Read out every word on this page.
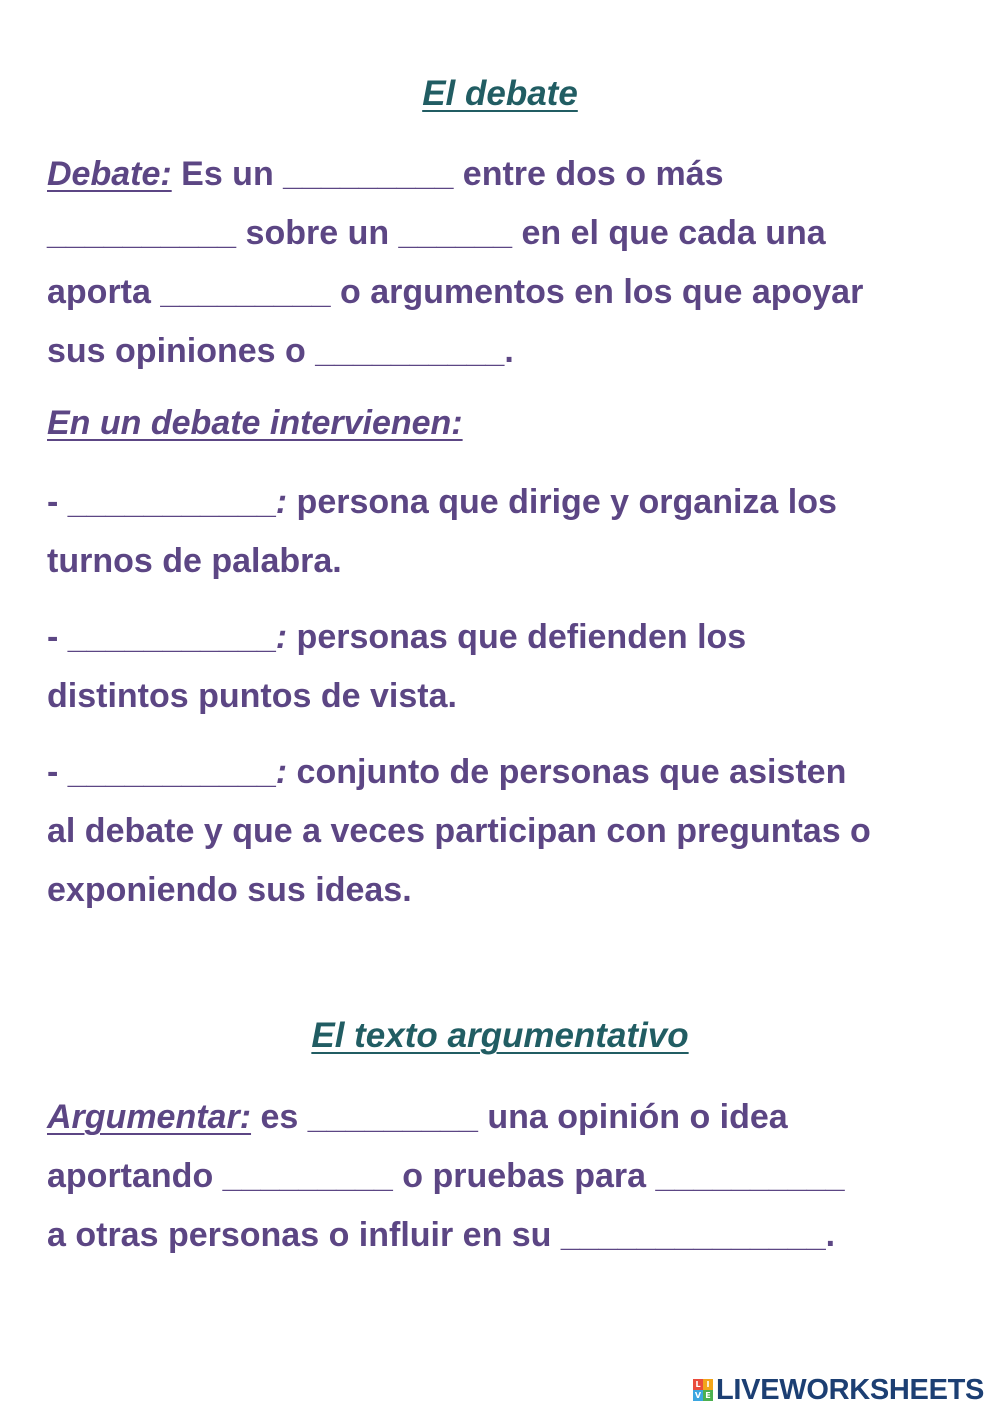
El debate
Debate: Es un _________ entre dos o más
__________ sobre un ______ en el que cada una
aporta _________ o argumentos en los que apoyar
sus opiniones o __________.
En un debate intervienen:
- ___________: persona que dirige y organiza los
turnos de palabra.
- ___________: personas que defienden los
distintos puntos de vista.
- ___________: conjunto de personas que asisten
al debate y que a veces participan con preguntas o
exponiendo sus ideas.
El texto argumentativo
Argumentar: es _________ una opinión o idea
aportando _________ o pruebas para __________
a otras personas o influir en su ______________.
L I
V E LIVEWORKSHEETS
